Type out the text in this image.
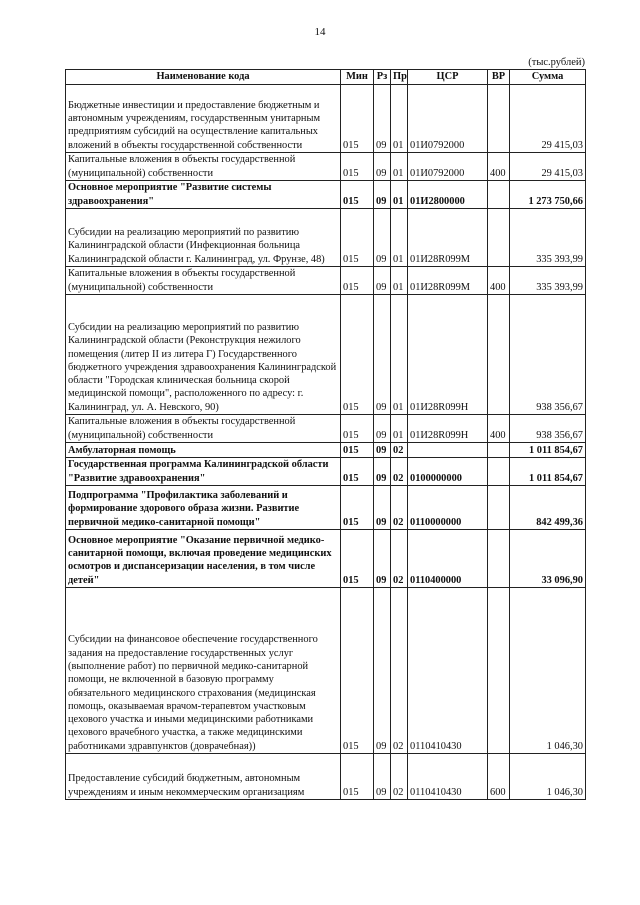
14
(тыс.рублей)
Наименование кода	Мин	Рз	Пр	ЦСР	ВР	Сумма
Бюджетные инвестиции и предоставление бюджетным и автономным учреждениям, государственным унитарным предприятиям субсидий на осуществление капитальных вложений в объекты государственной собственности	015	09	01	01И0792000		29 415,03
Капитальные вложения в объекты государственной (муниципальной) собственности	015	09	01	01И0792000	400	29 415,03
Основное мероприятие "Развитие системы здравоохранения"	015	09	01	01И2800000		1 273 750,66
Субсидии на реализацию мероприятий по развитию Калининградской области (Инфекционная больница Калининградской области г. Калининград, ул. Фрунзе, 48)	015	09	01	01И28R099M		335 393,99
Капитальные вложения в объекты государственной (муниципальной) собственности	015	09	01	01И28R099M	400	335 393,99
Субсидии на реализацию мероприятий по развитию Калининградской области (Реконструкция нежилого помещения (литер II из литера Г) Государственного бюджетного учреждения здравоохранения Калининградской области "Городская клиническая больница скорой медицинской помощи", расположенного по адресу: г. Калининград, ул. А. Невского, 90)	015	09	01	01И28R099H		938 356,67
Капитальные вложения в объекты государственной (муниципальной) собственности	015	09	01	01И28R099H	400	938 356,67
Амбулаторная помощь	015	09	02			1 011 854,67
Государственная программа Калининградской области "Развитие здравоохранения"	015	09	02	0100000000		1 011 854,67
Подпрограмма "Профилактика заболеваний и формирование здорового образа жизни. Развитие первичной медико-санитарной помощи"	015	09	02	0110000000		842 499,36
Основное мероприятие "Оказание первичной медико-санитарной помощи, включая проведение медицинских осмотров и диспансеризации населения, в том числе детей"	015	09	02	0110400000		33 096,90
Субсидии на финансовое обеспечение государственного задания на предоставление государственных услуг (выполнение работ) по первичной медико-санитарной помощи, не включенной в базовую программу обязательного медицинского страхования (медицинская помощь, оказываемая врачом-терапевтом участковым цехового участка и иными медицинскими работниками цехового врачебного участка, а также медицинскими работниками здравпунктов (доврачебная))	015	09	02	0110410430		1 046,30
Предоставление субсидий бюджетным, автономным учреждениям и иным некоммерческим организациям	015	09	02	0110410430	600	1 046,30
